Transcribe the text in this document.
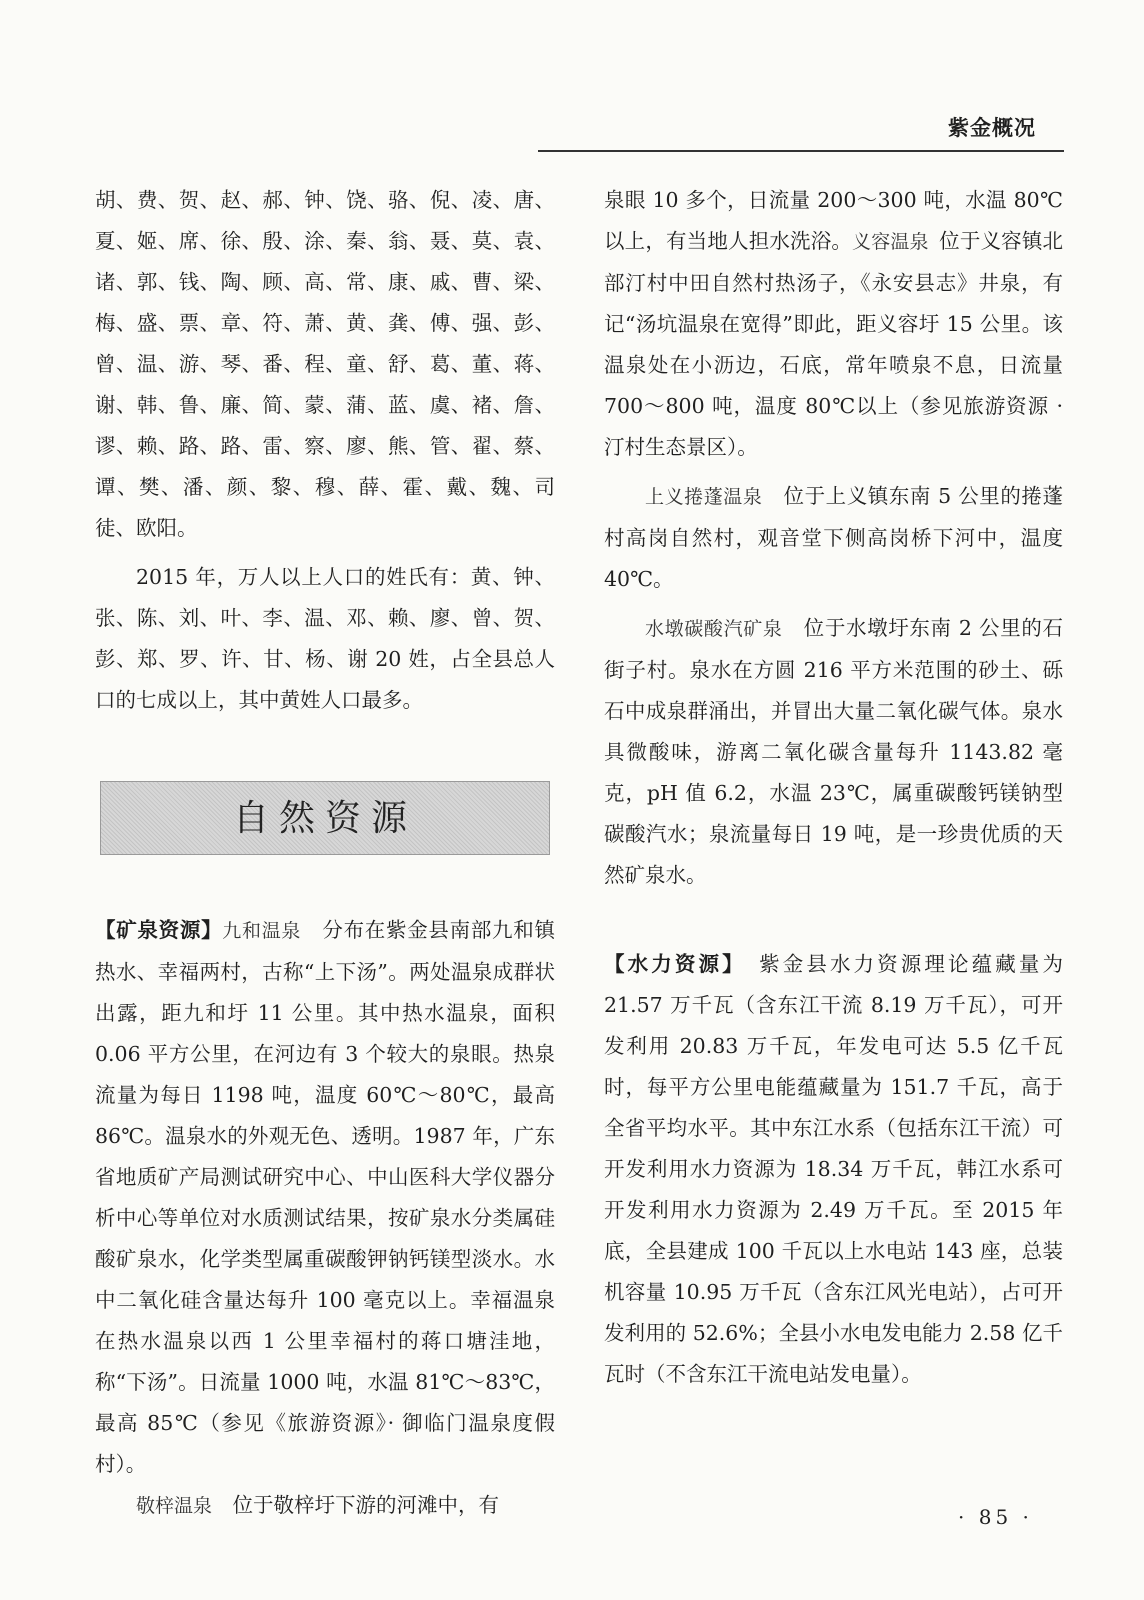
紫金概况

胡、费、贺、赵、郝、钟、饶、骆、倪、凌、唐、夏、姬、席、徐、殷、涂、秦、翁、聂、莫、袁、诸、郭、钱、陶、顾、高、常、康、戚、曹、梁、梅、盛、票、章、符、萧、黄、龚、傅、强、彭、曾、温、游、琴、番、程、童、舒、葛、董、蒋、谢、韩、鲁、廉、简、蒙、蒲、蓝、虞、褚、詹、谬、赖、路、路、雷、察、廖、熊、管、翟、蔡、谭、樊、潘、颜、黎、穆、薛、霍、戴、魏、司徒、欧阳。

2015 年，万人以上人口的姓氏有：黄、钟、张、陈、刘、叶、李、温、邓、赖、廖、曾、贺、彭、郑、罗、许、甘、杨、谢 20 姓，占全县总人口的七成以上，其中黄姓人口最多。

自然资源

【矿泉资源】九和温泉  分布在紫金县南部九和镇热水、幸福两村，古称“上下汤”。两处温泉成群状出露，距九和圩 11 公里。其中热水温泉，面积 0.06 平方公里，在河边有 3 个较大的泉眼。热泉流量为每日 1198 吨，温度 60℃～80℃，最高 86℃。温泉水的外观无色、透明。1987 年，广东省地质矿产局测试研究中心、中山医科大学仪器分析中心等单位对水质测试结果，按矿泉水分类属硅酸矿泉水，化学类型属重碳酸钾钠钙镁型淡水。水中二氧化硅含量达每升 100 毫克以上。幸福温泉在热水温泉以西 1 公里幸福村的蒋口塘洼地，称“下汤”。日流量 1000 吨，水温 81℃～83℃，最高 85℃（参见《旅游资源》· 御临门温泉度假村）。

敬梓温泉  位于敬梓圩下游的河滩中，有

泉眼 10 多个，日流量 200～300 吨，水温 80℃以上，有当地人担水洗浴。义容温泉  位于义容镇北部汀村中田自然村热汤子，《永安县志》井泉，有记“汤坑温泉在宽得”即此，距义容圩 15 公里。该温泉处在小沥边，石底，常年喷泉不息，日流量 700～800 吨，温度 80℃以上（参见旅游资源 · 汀村生态景区）。

上义捲蓬温泉  位于上义镇东南 5 公里的捲蓬村高岗自然村，观音堂下侧高岗桥下河中，温度 40℃。

水墩碳酸汽矿泉  位于水墩圩东南 2 公里的石街子村。泉水在方圆 216 平方米范围的砂土、砾石中成泉群涌出，并冒出大量二氧化碳气体。泉水具微酸味，游离二氧化碳含量每升 1143.82 毫克，pH 值 6.2，水温 23℃，属重碳酸钙镁钠型碳酸汽水；泉流量每日 19 吨，是一珍贵优质的天然矿泉水。

【水力资源】  紫金县水力资源理论蕴藏量为 21.57 万千瓦（含东江干流 8.19 万千瓦），可开发利用 20.83 万千瓦，年发电可达 5.5 亿千瓦时，每平方公里电能蕴藏量为 151.7 千瓦，高于全省平均水平。其中东江水系（包括东江干流）可开发利用水力资源为 18.34 万千瓦，韩江水系可开发利用水力资源为 2.49 万千瓦。至 2015 年底，全县建成 100 千瓦以上水电站 143 座，总装机容量 10.95 万千瓦（含东江风光电站），占可开发利用的 52.6%；全县小水电发电能力 2.58 亿千瓦时（不含东江干流电站发电量）。

· 85 ·
